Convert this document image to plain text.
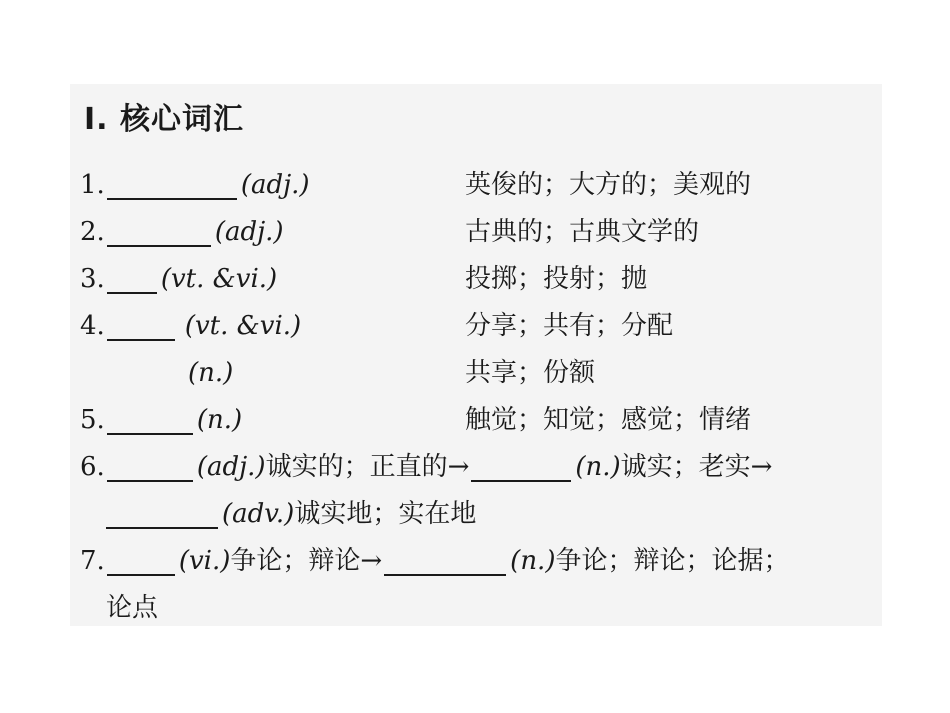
Ⅰ. 核心词汇
1.	(adj.)	英俊的；大方的；美观的
2.	(adj.)	古典的；古典文学的
3. (vt. &vi.)	投掷；投射；抛
4.	(vt. &vi.)	分享；共有；分配
(n.)	共享；份额
5.	(n.)	触觉；知觉；感觉；情绪
6.	(adj.) 诚实的；正直的→	(n.) 诚实；老实→
(adv.) 诚实地；实在地
7.	(vi.) 争论；辩论→	(n.) 争论；辩论；论据；
论点
